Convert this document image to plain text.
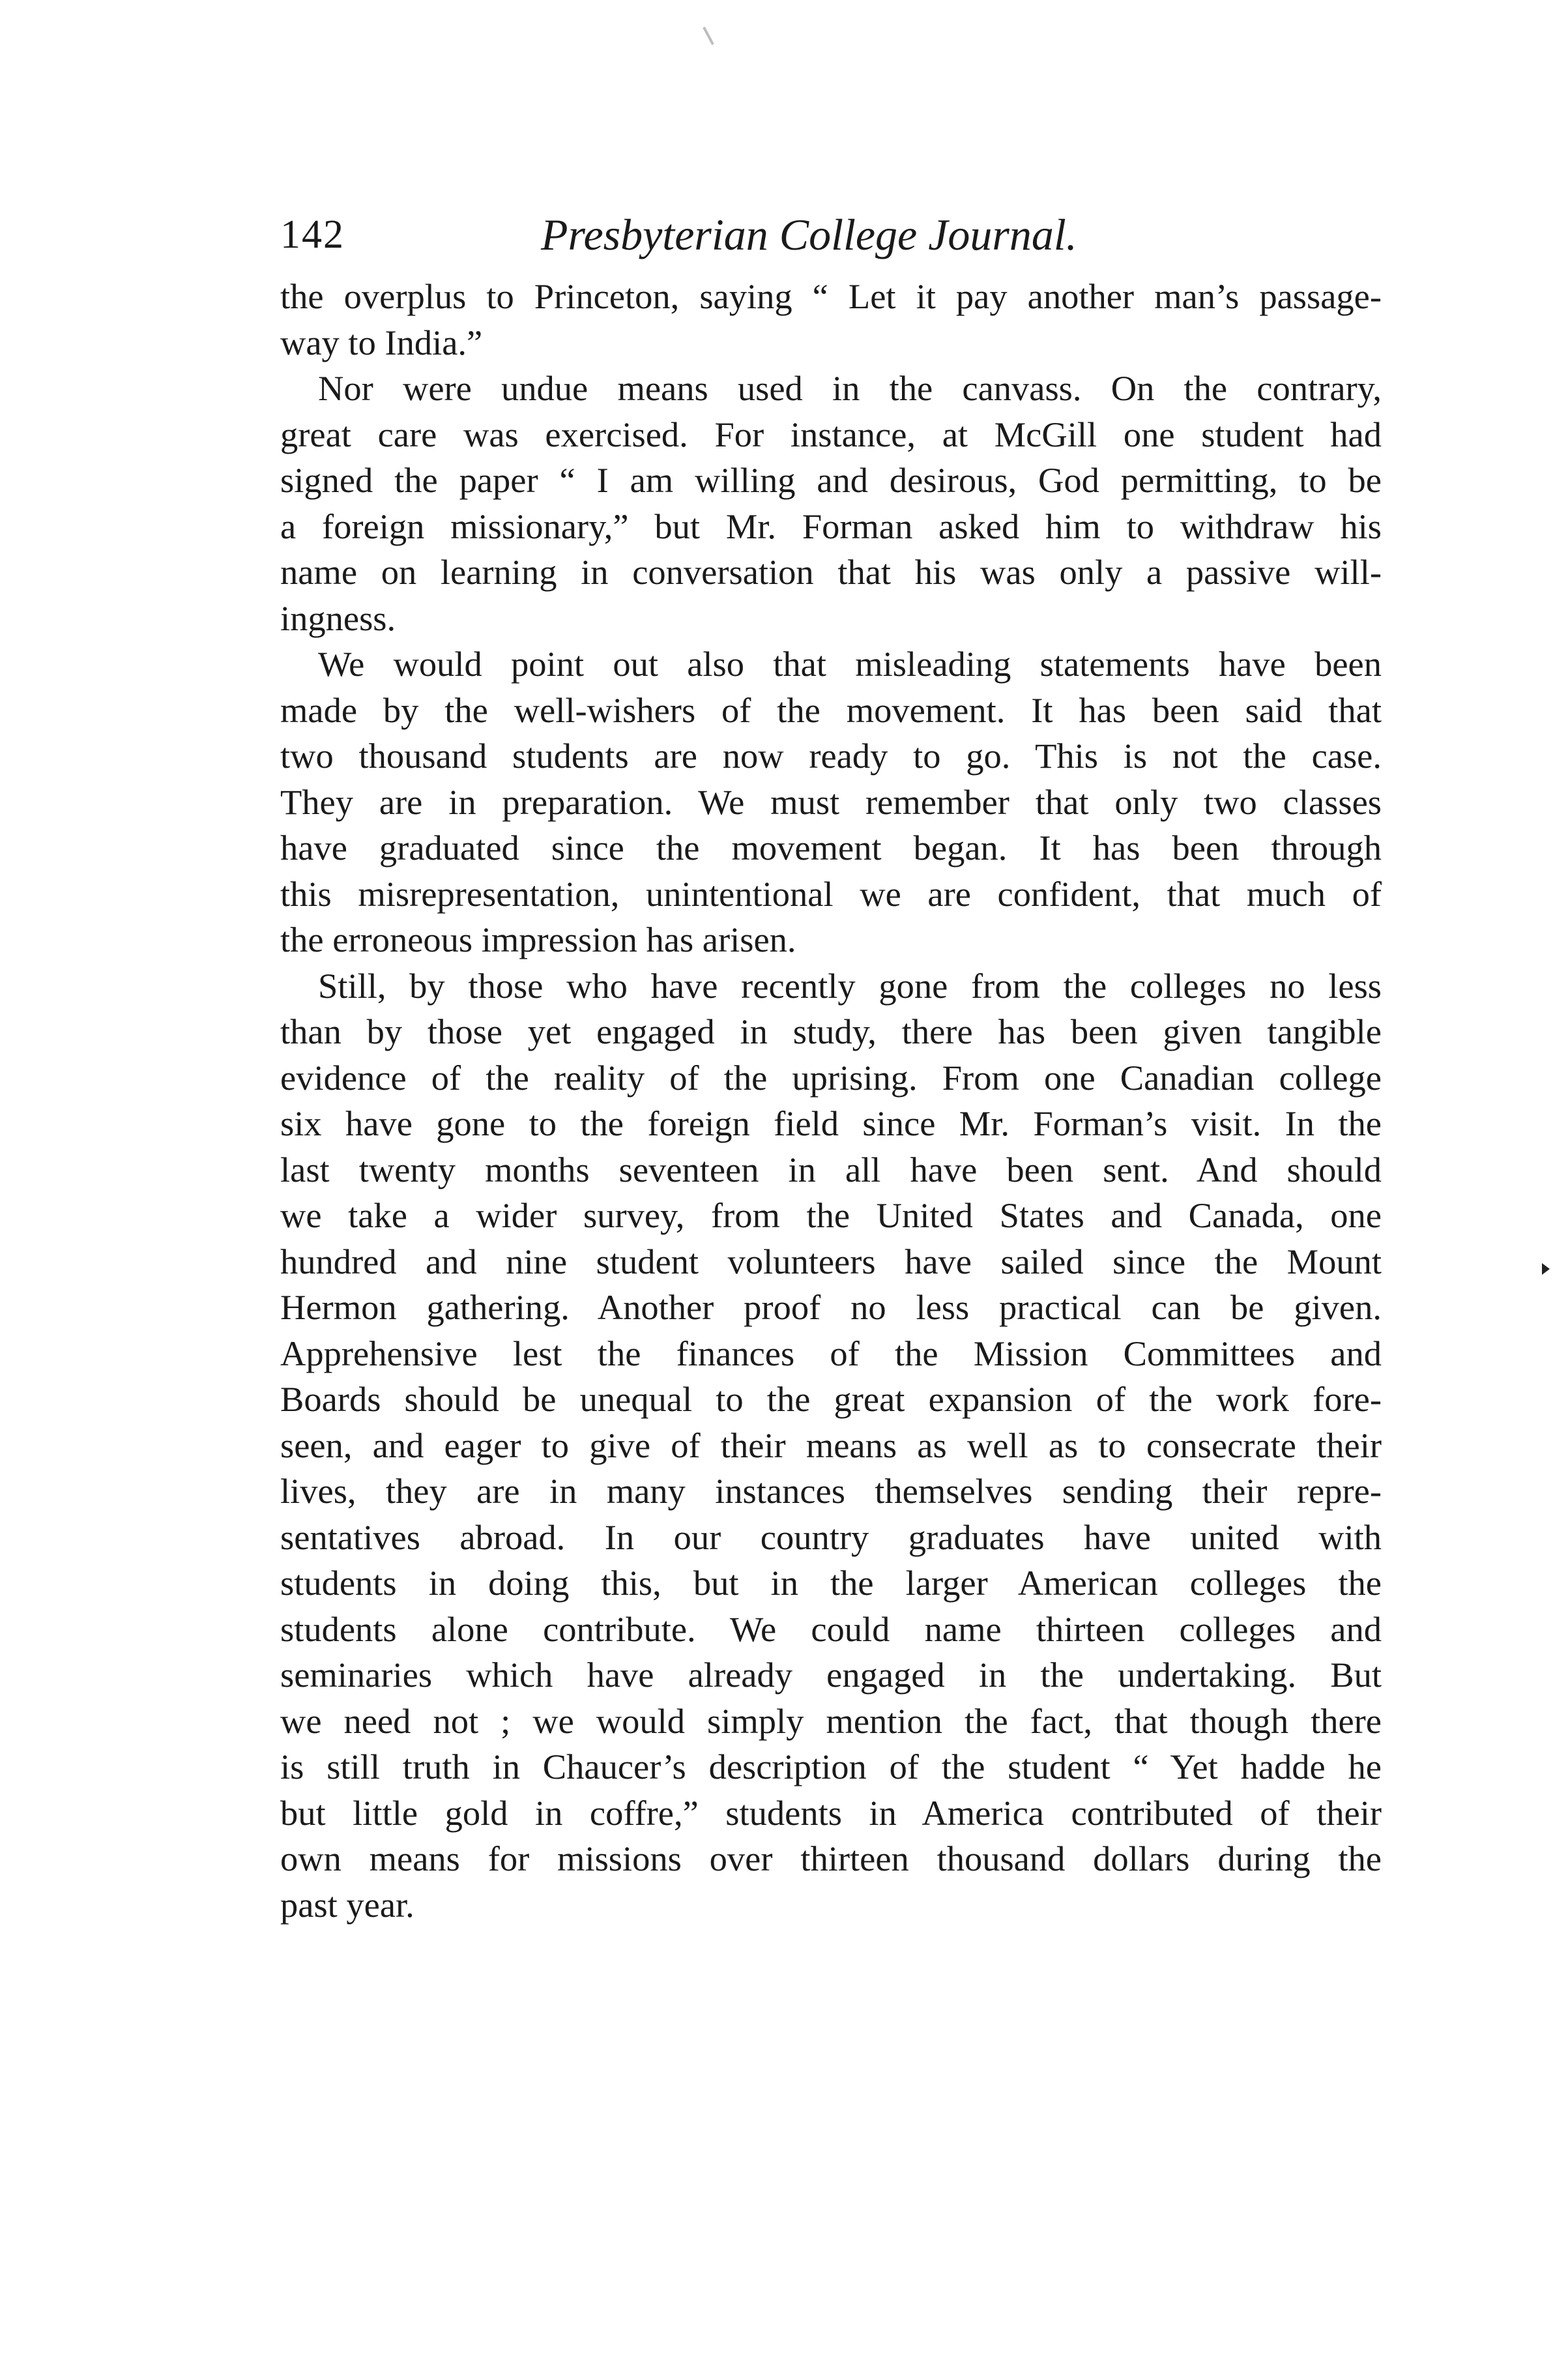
142	Presbyterian College Journal.
the overplus to Princeton, saying “ Let it pay another man’s passage-
way to India.”
Nor were undue means used in the canvass. On the contrary,
great care was exercised. For instance, at McGill one student had
signed the paper “ I am willing and desirous, God permitting, to be
a foreign missionary,” but Mr. Forman asked him to withdraw his
name on learning in conversation that his was only a passive will-
ingness.
We would point out also that misleading statements have been
made by the well-wishers of the movement. It has been said that
two thousand students are now ready to go. This is not the case.
They are in preparation. We must remember that only two classes
have graduated since the movement began. It has been through
this misrepresentation, unintentional we are confident, that much of
the erroneous impression has arisen.
Still, by those who have recently gone from the colleges no less
than by those yet engaged in study, there has been given tangible
evidence of the reality of the uprising. From one Canadian college
six have gone to the foreign field since Mr. Forman’s visit. In the
last twenty months seventeen in all have been sent. And should
we take a wider survey, from the United States and Canada, one
hundred and nine student volunteers have sailed since the Mount
Hermon gathering. Another proof no less practical can be given.
Apprehensive lest the finances of the Mission Committees and
Boards should be unequal to the great expansion of the work fore-
seen, and eager to give of their means as well as to consecrate their
lives, they are in many instances themselves sending their repre-
sentatives abroad. In our country graduates have united with
students in doing this, but in the larger American colleges the
students alone contribute. We could name thirteen colleges and
seminaries which have already engaged in the undertaking. But
we need not ; we would simply mention the fact, that though there
is still truth in Chaucer’s description of the student “ Yet hadde he
but little gold in coffre,” students in America contributed of their
own means for missions over thirteen thousand dollars during the
past year.
